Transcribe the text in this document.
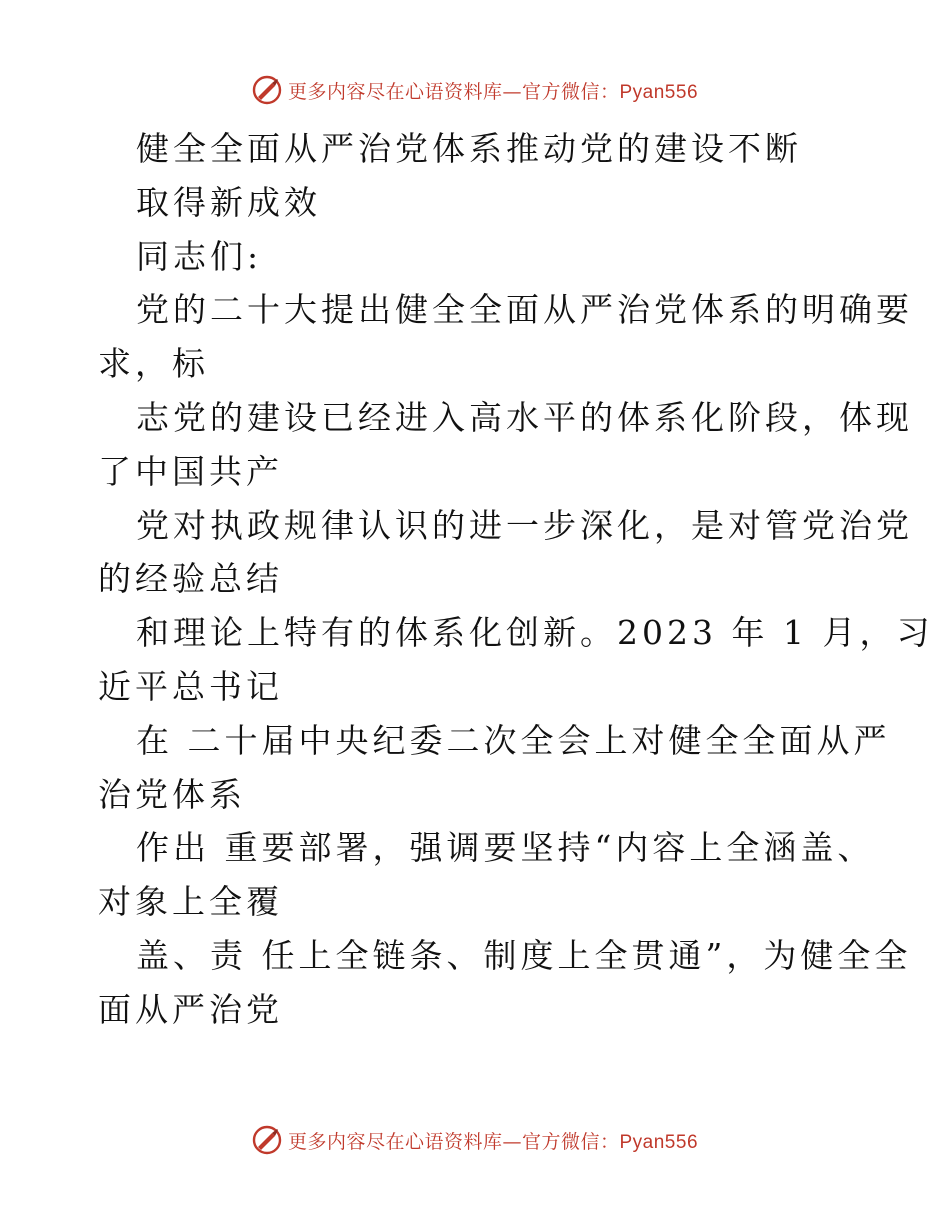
更多内容尽在心语资料库—官方微信：Pyan556
健全全面从严治党体系推动党的建设不断
取得新成效
同志们:
党的二十大提出健全全面从严治党体系的明确要
求，标
志党的建设已经进入高水平的体系化阶段，体现
了中国共产
党对执政规律认识的进一步深化，是对管党治党
的经验总结
和理论上特有的体系化创新。2023 年 1 月，习
近平总书记
在 二十届中央纪委二次全会上对健全全面从严
治党体系
作出 重要部署，强调要坚持“内容上全涵盖、
对象上全覆
盖、责 任上全链条、制度上全贯通”，为健全全
面从严治党
更多内容尽在心语资料库—官方微信：Pyan556
